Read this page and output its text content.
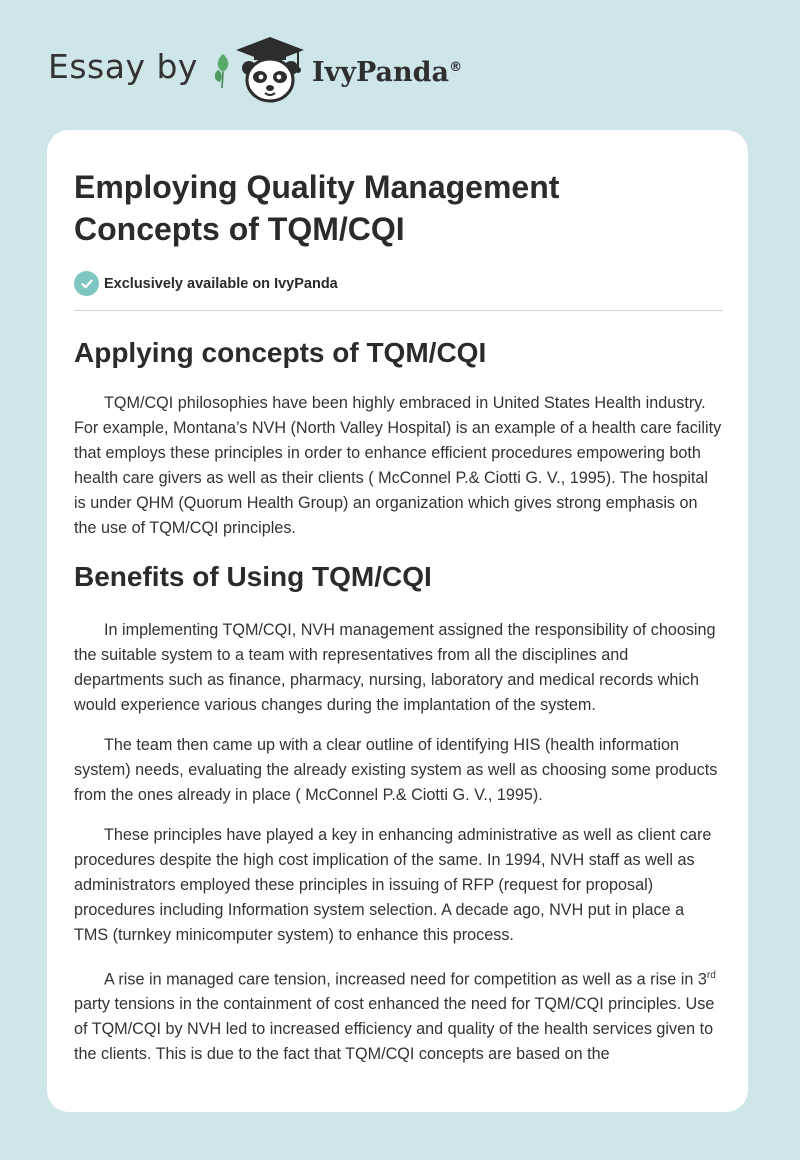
Essay by	IvyPanda®
Employing Quality Management Concepts of TQM/CQI
Exclusively available on IvyPanda
Applying concepts of TQM/CQI

TQM/CQI philosophies have been highly embraced in United States Health industry. For example, Montana’s NVH (North Valley Hospital) is an example of a health care facility that employs these principles in order to enhance efficient procedures empowering both health care givers as well as their clients ( McConnel P.& Ciotti G. V., 1995). The hospital is under QHM (Quorum Health Group) an organization which gives strong emphasis on the use of TQM/CQI principles.

Benefits of Using TQM/CQI

In implementing TQM/CQI, NVH management assigned the responsibility of choosing the suitable system to a team with representatives from all the disciplines and departments such as finance, pharmacy, nursing, laboratory and medical records which would experience various changes during the implantation of the system.

The team then came up with a clear outline of identifying HIS (health information system) needs, evaluating the already existing system as well as choosing some products from the ones already in place ( McConnel P.& Ciotti G. V., 1995).

These principles have played a key in enhancing administrative as well as client care procedures despite the high cost implication of the same. In 1994, NVH staff as well as administrators employed these principles in issuing of RFP (request for proposal) procedures including Information system selection. A decade ago, NVH put in place a TMS (turnkey minicomputer system) to enhance this process.

A rise in managed care tension, increased need for competition as well as a rise in 3rd party tensions in the containment of cost enhanced the need for TQM/CQI principles. Use of TQM/CQI by NVH led to increased efficiency and quality of the health services given to the clients. This is due to the fact that TQM/CQI concepts are based on the
